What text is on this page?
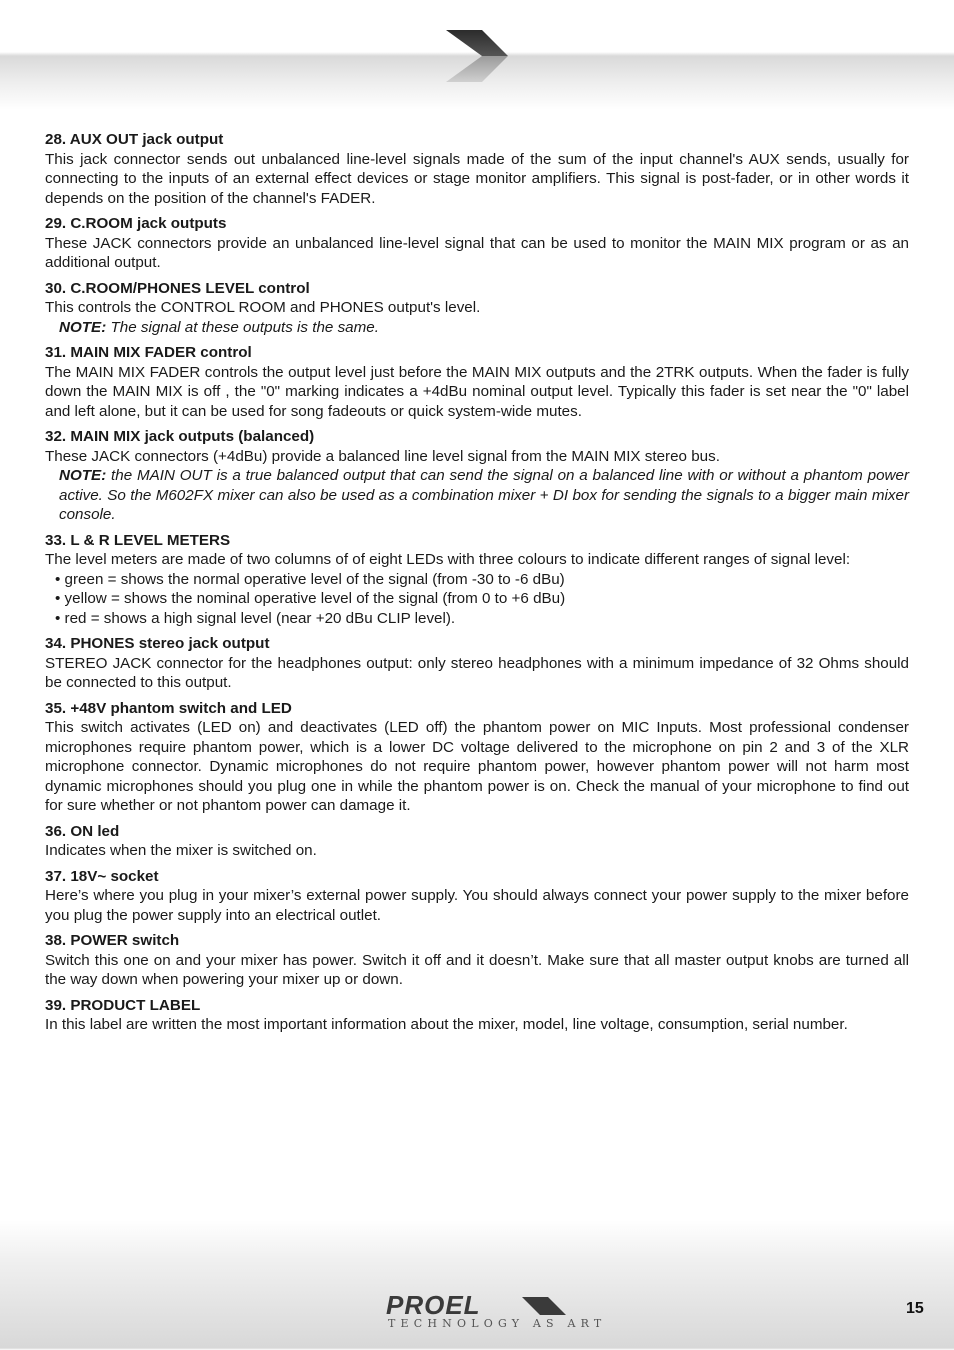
28. AUX OUT jack output

This jack connector sends out unbalanced line-level signals made of the sum of the input channel's AUX sends, usually for connecting to the inputs of an external effect devices or stage monitor amplifiers. This signal is post-fader, or in other words it depends on the position of the channel's FADER.

29. C.ROOM jack outputs

These JACK connectors provide an unbalanced line-level signal that can be used to monitor the MAIN MIX program or as an additional output.

30. C.ROOM/PHONES LEVEL control

This controls the CONTROL ROOM and PHONES output's level.

NOTE: The signal at these outputs is the same.

31. MAIN MIX FADER control

The MAIN MIX FADER controls the output level just before the MAIN MIX outputs and the 2TRK outputs. When the fader is fully down the MAIN MIX is off , the "0" marking indicates a +4dBu nominal output level. Typically this fader is set near the "0" label and left alone, but it can be used for song fadeouts or quick system-wide mutes.

32. MAIN MIX jack outputs (balanced)

These JACK connectors (+4dBu) provide a balanced line level signal from the MAIN MIX stereo bus.

NOTE: the MAIN OUT is a true balanced output that can send the signal on a balanced line with or without a phantom power active. So the M602FX mixer can also be used as a combination mixer + DI box for sending the signals to a bigger main mixer console.

33. L & R LEVEL METERS

The level meters are made of two columns of of eight LEDs with three colours to indicate different ranges of signal level:

• green = shows the normal operative level of the signal (from -30 to -6 dBu)
• yellow = shows the nominal operative level of the signal (from 0 to +6 dBu)
• red = shows a high signal level (near +20 dBu CLIP level).

34. PHONES stereo jack output

STEREO JACK connector for the headphones output: only stereo headphones with a minimum impedance of 32 Ohms should be connected to this output.

35. +48V phantom switch and LED

This switch activates (LED on) and deactivates (LED off) the phantom power on MIC Inputs. Most professional condenser microphones require phantom power, which is a lower DC voltage delivered to the microphone on pin 2 and 3 of the XLR microphone connector. Dynamic microphones do not require phantom power, however phantom power will not harm most dynamic microphones should you plug one in while the phantom power is on. Check the manual of your microphone to find out for sure whether or not phantom power can damage it.

36. ON led

Indicates when the mixer is switched on.

37. 18V~ socket

Here’s where you plug in your mixer’s external power supply. You should always connect your power supply to the mixer before you plug the power supply into an electrical outlet.

38. POWER switch

Switch this one on and your mixer has power. Switch it off and it doesn’t. Make sure that all master output knobs are turned all the way down when powering your mixer up or down.

39. PRODUCT LABEL

In this label are written the most important information about the mixer, model, line voltage, consumption, serial number.

PROEL
TECHNOLOGY AS ART
15
